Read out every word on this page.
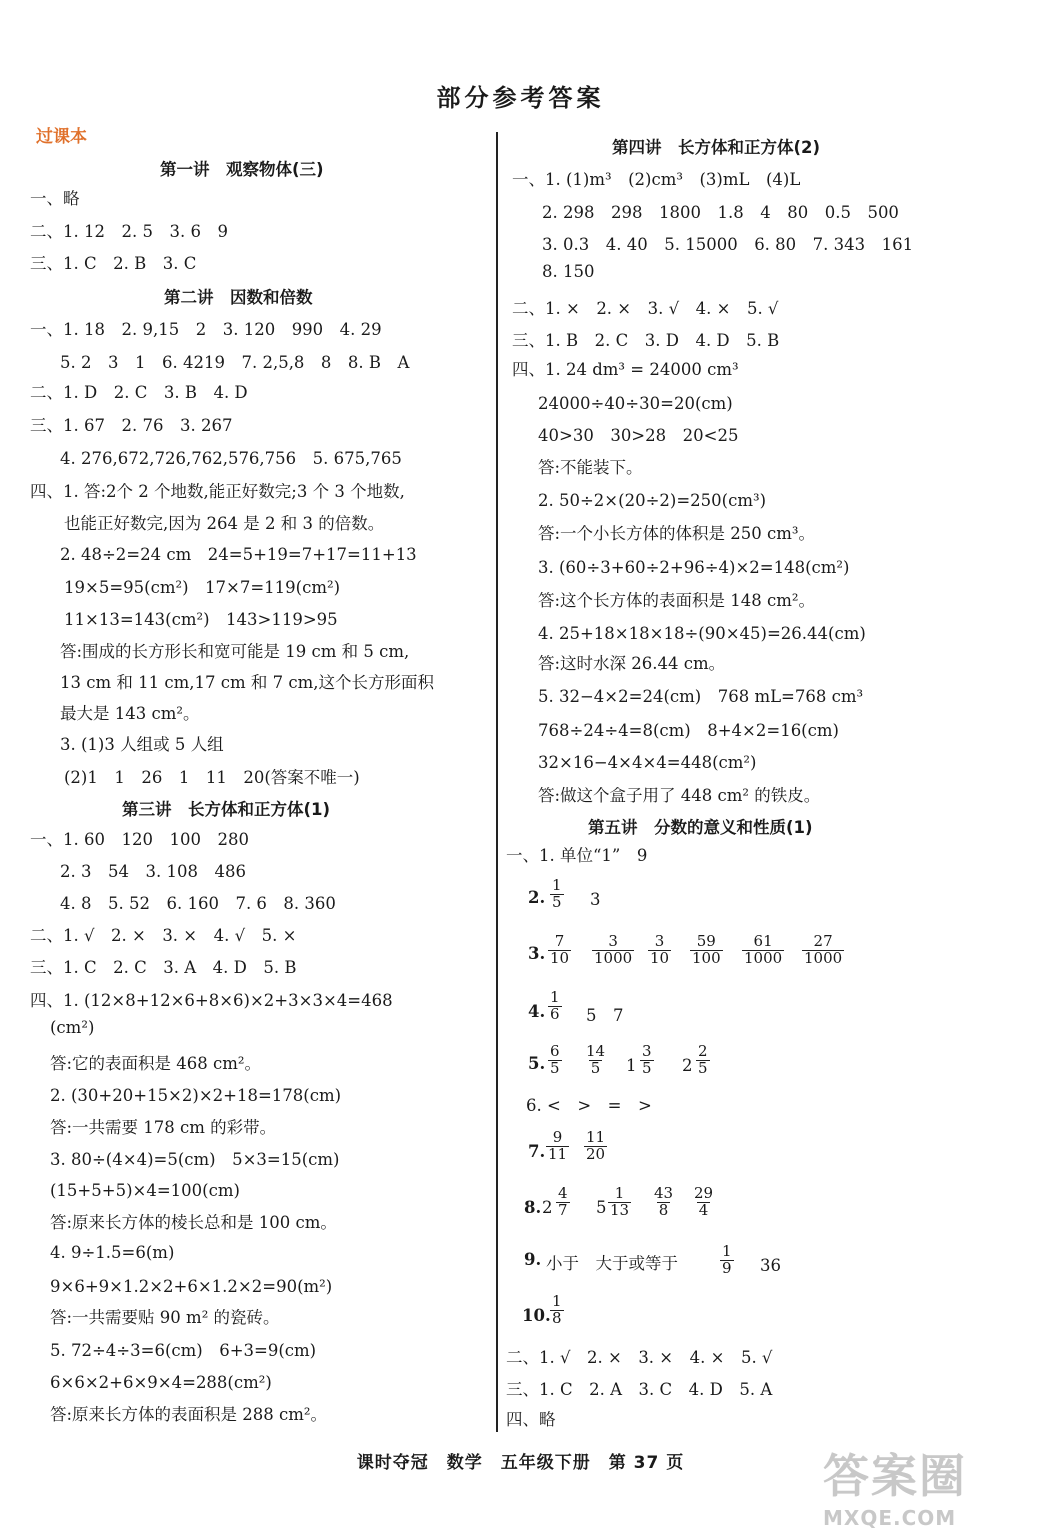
部分参考答案
过课本
第一讲　观察物体(三)
一、略
二、1. 12　2. 5　3. 6　9
三、1. C　2. B　3. C
第二讲　因数和倍数
一、1. 18　2. 9,15　2　3. 120　990　4. 29
5. 2　3　1　6. 4219　7. 2,5,8　8　8. B　A
二、1. D　2. C　3. B　4. D
三、1. 67　2. 76　3. 267
4. 276,672,726,762,576,756　5. 675,765
四、1. 答:2个 2 个地数,能正好数完;3 个 3 个地数,
也能正好数完,因为 264 是 2 和 3 的倍数。
2. 48÷2=24 cm　24=5+19=7+17=11+13
19×5=95(cm²)　17×7=119(cm²)
11×13=143(cm²)　143>119>95
答:围成的长方形长和宽可能是 19 cm 和 5 cm,
13 cm 和 11 cm,17 cm 和 7 cm,这个长方形面积
最大是 143 cm²。
3. (1)3 人组或 5 人组
(2)1　1　26　1　11　20(答案不唯一)
第三讲　长方体和正方体(1)
一、1. 60　120　100　280
2. 3　54　3. 108　486
4. 8　5. 52　6. 160　7. 6　8. 360
二、1. √　2. ×　3. ×　4. √　5. ×
三、1. C　2. C　3. A　4. D　5. B
四、1. (12×8+12×6+8×6)×2+3×3×4=468
(cm²)
答:它的表面积是 468 cm²。
2. (30+20+15×2)×2+18=178(cm)
答:一共需要 178 cm 的彩带。
3. 80÷(4×4)=5(cm)　5×3=15(cm)
(15+5+5)×4=100(cm)
答:原来长方体的棱长总和是 100 cm。
4. 9÷1.5=6(m)
9×6+9×1.2×2+6×1.2×2=90(m²)
答:一共需要贴 90 m² 的瓷砖。
5. 72÷4÷3=6(cm)　6+3=9(cm)
6×6×2+6×9×4=288(cm²)
答:原来长方体的表面积是 288 cm²。
第四讲　长方体和正方体(2)
一、1. (1)m³　(2)cm³　(3)mL　(4)L
2. 298　298　1800　1.8　4　80　0.5　500
3. 0.3　4. 40　5. 15000　6. 80　7. 343　161
8. 150
二、1. ×　2. ×　3. √　4. ×　5. √
三、1. B　2. C　3. D　4. D　5. B
四、1. 24 dm³ = 24000 cm³
24000÷40÷30=20(cm)
40>30　30>28　20<25
答:不能装下。
2. 50÷2×(20÷2)=250(cm³)
答:一个小长方体的体积是 250 cm³。
3. (60÷3+60÷2+96÷4)×2=148(cm²)
答:这个长方体的表面积是 148 cm²。
4. 25+18×18×18÷(90×45)=26.44(cm)
答:这时水深 26.44 cm。
5. 32−4×2=24(cm)　768 mL=768 cm³
768÷24÷4=8(cm)　8+4×2=16(cm)
32×16−4×4×4=448(cm²)
答:做这个盒子用了 448 cm² 的铁皮。
第五讲　分数的意义和性质(1)
一、1. 单位“1”　9
2. $\frac{1}{5} 3$
3. $\frac{7}{10} \frac{3}{1000} \frac{3}{10} \frac{59}{100} \frac{61}{1000} \frac{27}{1000}$
4. $\frac{1}{6} 5$　7
5. $\frac{6}{5} \frac{14}{5} 1 \frac{3}{5} 2 \frac{2}{5}$
6. <　>　=　>
7. $\frac{9}{11} \frac{11}{20}$
8. $2 \frac{4}{7} 5 \frac{1}{13} \frac{43}{8} \frac{29}{4}$
9. 小于　大于或等于	$\frac{1}{9} 36$
10. $\frac{1}{8}$
二、1. √　2. ×　3. ×　4. ×　5. √
三、1. C　2. A　3. C　4. D　5. A
四、略
课时夺冠　数学　五年级下册　第 37 页	答案圈
MXQE.COM
